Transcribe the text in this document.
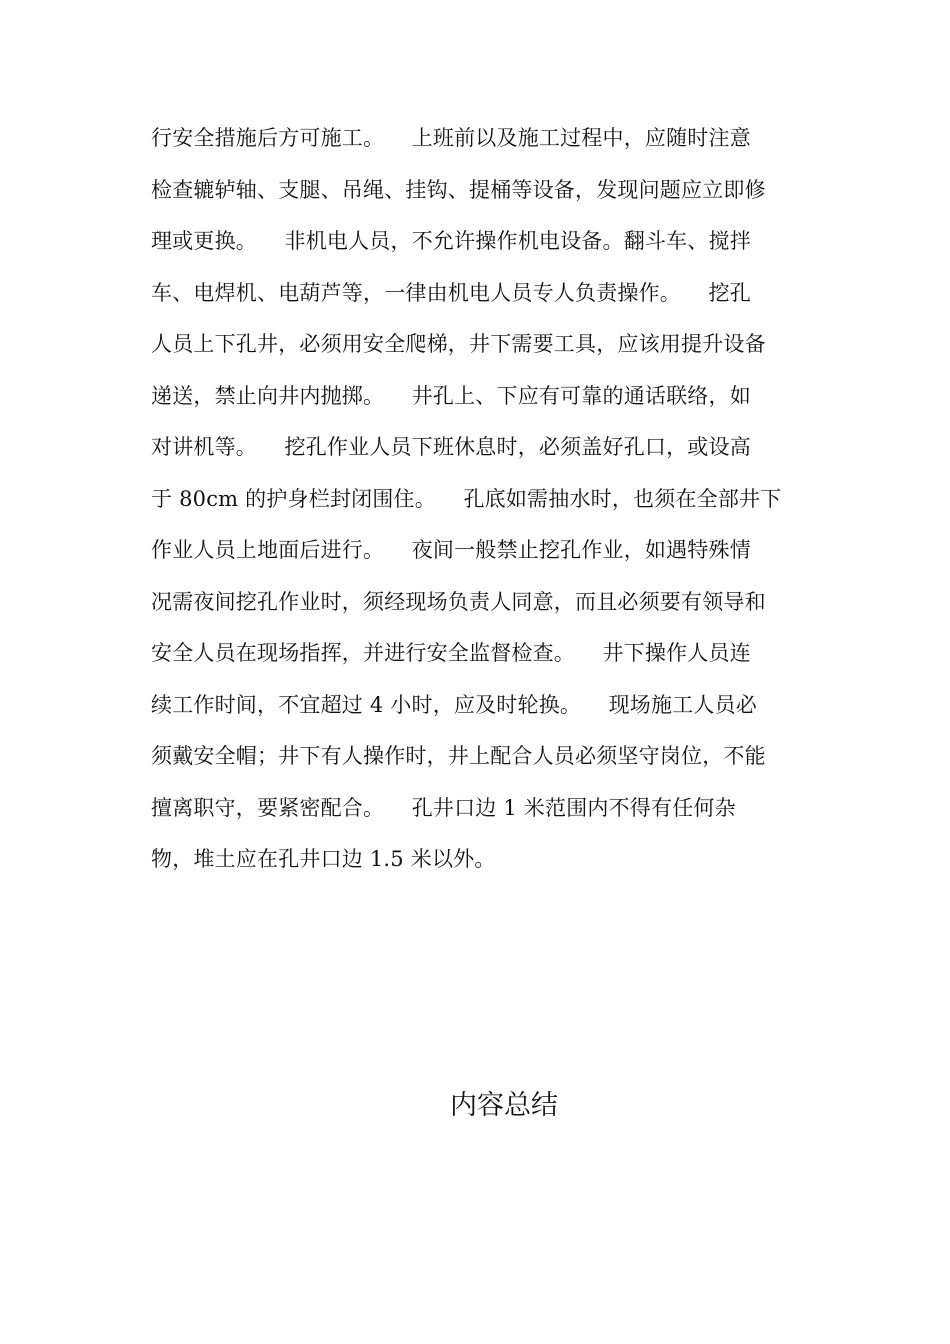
行安全措施后方可施工。    上班前以及施工过程中，应随时注意
检查辘轳轴、支腿、吊绳、挂钩、提桶等设备，发现问题应立即修
理或更换。    非机电人员，不允许操作机电设备。翻斗车、搅拌
车、电焊机、电葫芦等，一律由机电人员专人负责操作。    挖孔
人员上下孔井，必须用安全爬梯，井下需要工具，应该用提升设备
递送，禁止向井内抛掷。    井孔上、下应有可靠的通话联络，如
对讲机等。    挖孔作业人员下班休息时，必须盖好孔口，或设高
于 80cm 的护身栏封闭围住。    孔底如需抽水时，也须在全部井下
作业人员上地面后进行。    夜间一般禁止挖孔作业，如遇特殊情
况需夜间挖孔作业时，须经现场负责人同意，而且必须要有领导和
安全人员在现场指挥，并进行安全监督检查。    井下操作人员连
续工作时间，不宜超过 4 小时，应及时轮换。    现场施工人员必
须戴安全帽；井下有人操作时，井上配合人员必须坚守岗位，不能
擅离职守，要紧密配合。    孔井口边 1 米范围内不得有任何杂
物，堆土应在孔井口边 1.5 米以外。
内容总结
